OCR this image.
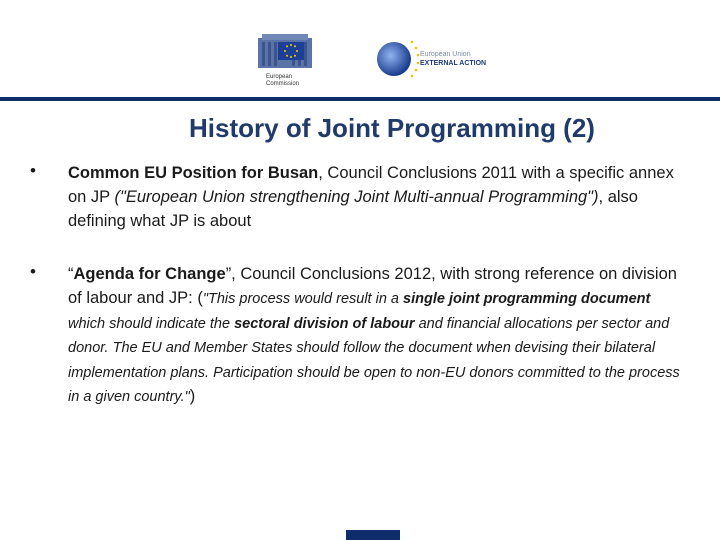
European
Commission
European Union
EXTERNAL ACTION
History of Joint Programming (2)
• Common EU Position for Busan, Council Conclusions 2011 with a specific annex on JP ("European Union strengthening Joint Multi-annual Programming"), also defining what JP is about
• “Agenda for Change”, Council Conclusions 2012, with strong reference on division of labour and JP: ("This process would result in a single joint programming document which should indicate the sectoral division of labour and financial allocations per sector and donor. The EU and Member States should follow the document when devising their bilateral implementation plans. Participation should be open to non-EU donors committed to the process in a given country.")
